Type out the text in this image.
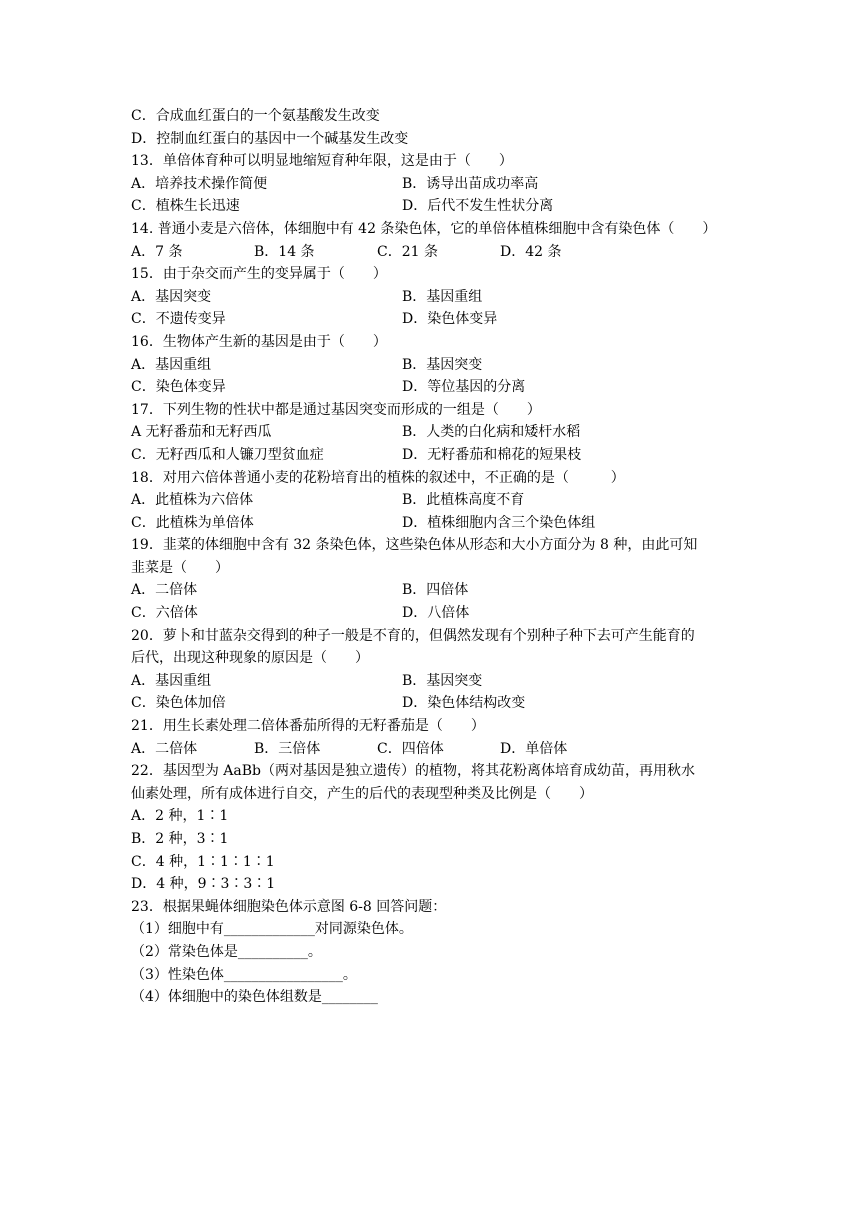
C．合成血红蛋白的一个氨基酸发生改变
D．控制血红蛋白的基因中一个碱基发生改变
13．单倍体育种可以明显地缩短育种年限，这是由于（　　）
A．培养技术操作简便	B．诱导出苗成功率高
C．植株生长迅速	D．后代不发生性状分离
14. 普通小麦是六倍体，体细胞中有 42 条染色体，它的单倍体植株细胞中含有染色体（　　）
A．7 条	B．14 条	C．21 条	D．42 条
15．由于杂交而产生的变异属于（　　）
A．基因突变	B．基因重组
C．不遗传变异	D．染色体变异
16．生物体产生新的基因是由于（　　）
A．基因重组	B．基因突变
C．染色体变异	D．等位基因的分离
17．下列生物的性状中都是通过基因突变而形成的一组是（　　）
A 无籽番茄和无籽西瓜	B．人类的白化病和矮杆水稻
C．无籽西瓜和人镰刀型贫血症	D．无籽番茄和棉花的短果枝
18．对用六倍体普通小麦的花粉培育出的植株的叙述中，不正确的是（　　　）
A．此植株为六倍体	B．此植株高度不育
C．此植株为单倍体	D．植株细胞内含三个染色体组
19．韭菜的体细胞中含有 32 条染色体，这些染色体从形态和大小方面分为 8 种，由此可知
韭菜是（　　）
A．二倍体	B．四倍体
C．六倍体	D．八倍体
20．萝卜和甘蓝杂交得到的种子一般是不育的，但偶然发现有个别种子种下去可产生能育的
后代，出现这种现象的原因是（　　）
A．基因重组	B．基因突变
C．染色体加倍	D．染色体结构改变
21．用生长素处理二倍体番茄所得的无籽番茄是（　　）
A．二倍体	B．三倍体	C．四倍体	D．单倍体
22．基因型为 AaBb（两对基因是独立遗传）的植物，将其花粉离体培育成幼苗，再用秋水
仙素处理，所有成体进行自交，产生的后代的表现型种类及比例是（　　）
A．2 种，1∶1
B．2 种，3∶1
C．4 种，1∶1∶1∶1
D．4 种，9∶3∶3∶1
23．根据果蝇体细胞染色体示意图 6-8 回答问题：
（1）细胞中有_____________对同源染色体。
（2）常染色体是__________。
（3）性染色体_________________。
（4）体细胞中的染色体组数是________
